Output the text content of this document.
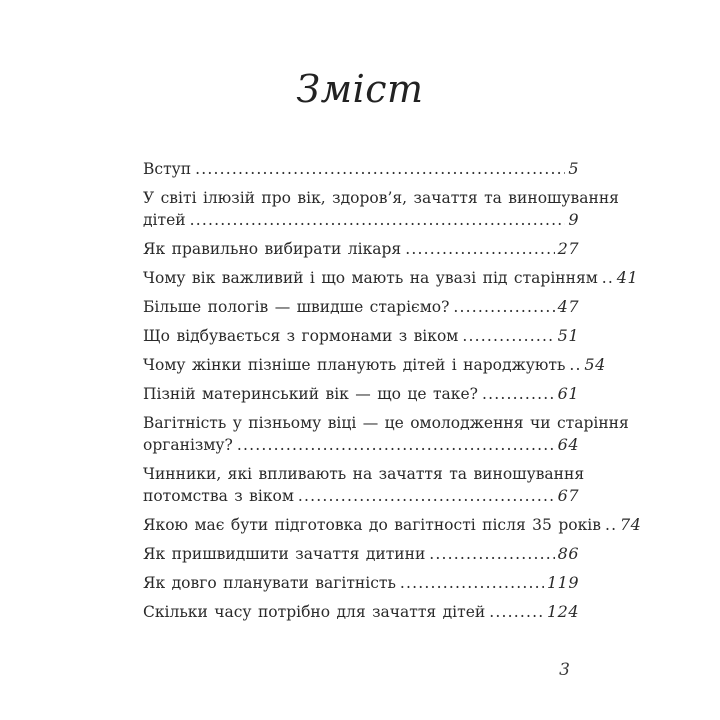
Зміст
Вступ .....	5
У світі ілюзій про вік, здоров’я, зачаття та виношування
дітей .....	9
Як правильно вибирати лікаря .....	27
Чому вік важливий і що мають на увазі під старінням ..... 41
Більше пологів — швидше старіємо? .....	47
Що відбувається з гормонами з віком .....	51
Чому жінки пізніше планують дітей і народжують ..... 54
Пізній материнський вік — що це таке? .....	61
Вагітність у пізньому віці — це омолодження чи старіння
організму? .....	64
Чинники, які впливають на зачаття та виношування
потомства з віком .....	67
Якою має бути підготовка до вагітності після 35 років ..... 74
Як пришвидшити зачаття дитини .....	86
Як довго планувати вагітність .....	119
Скільки часу потрібно для зачаття дітей .....	124
3
